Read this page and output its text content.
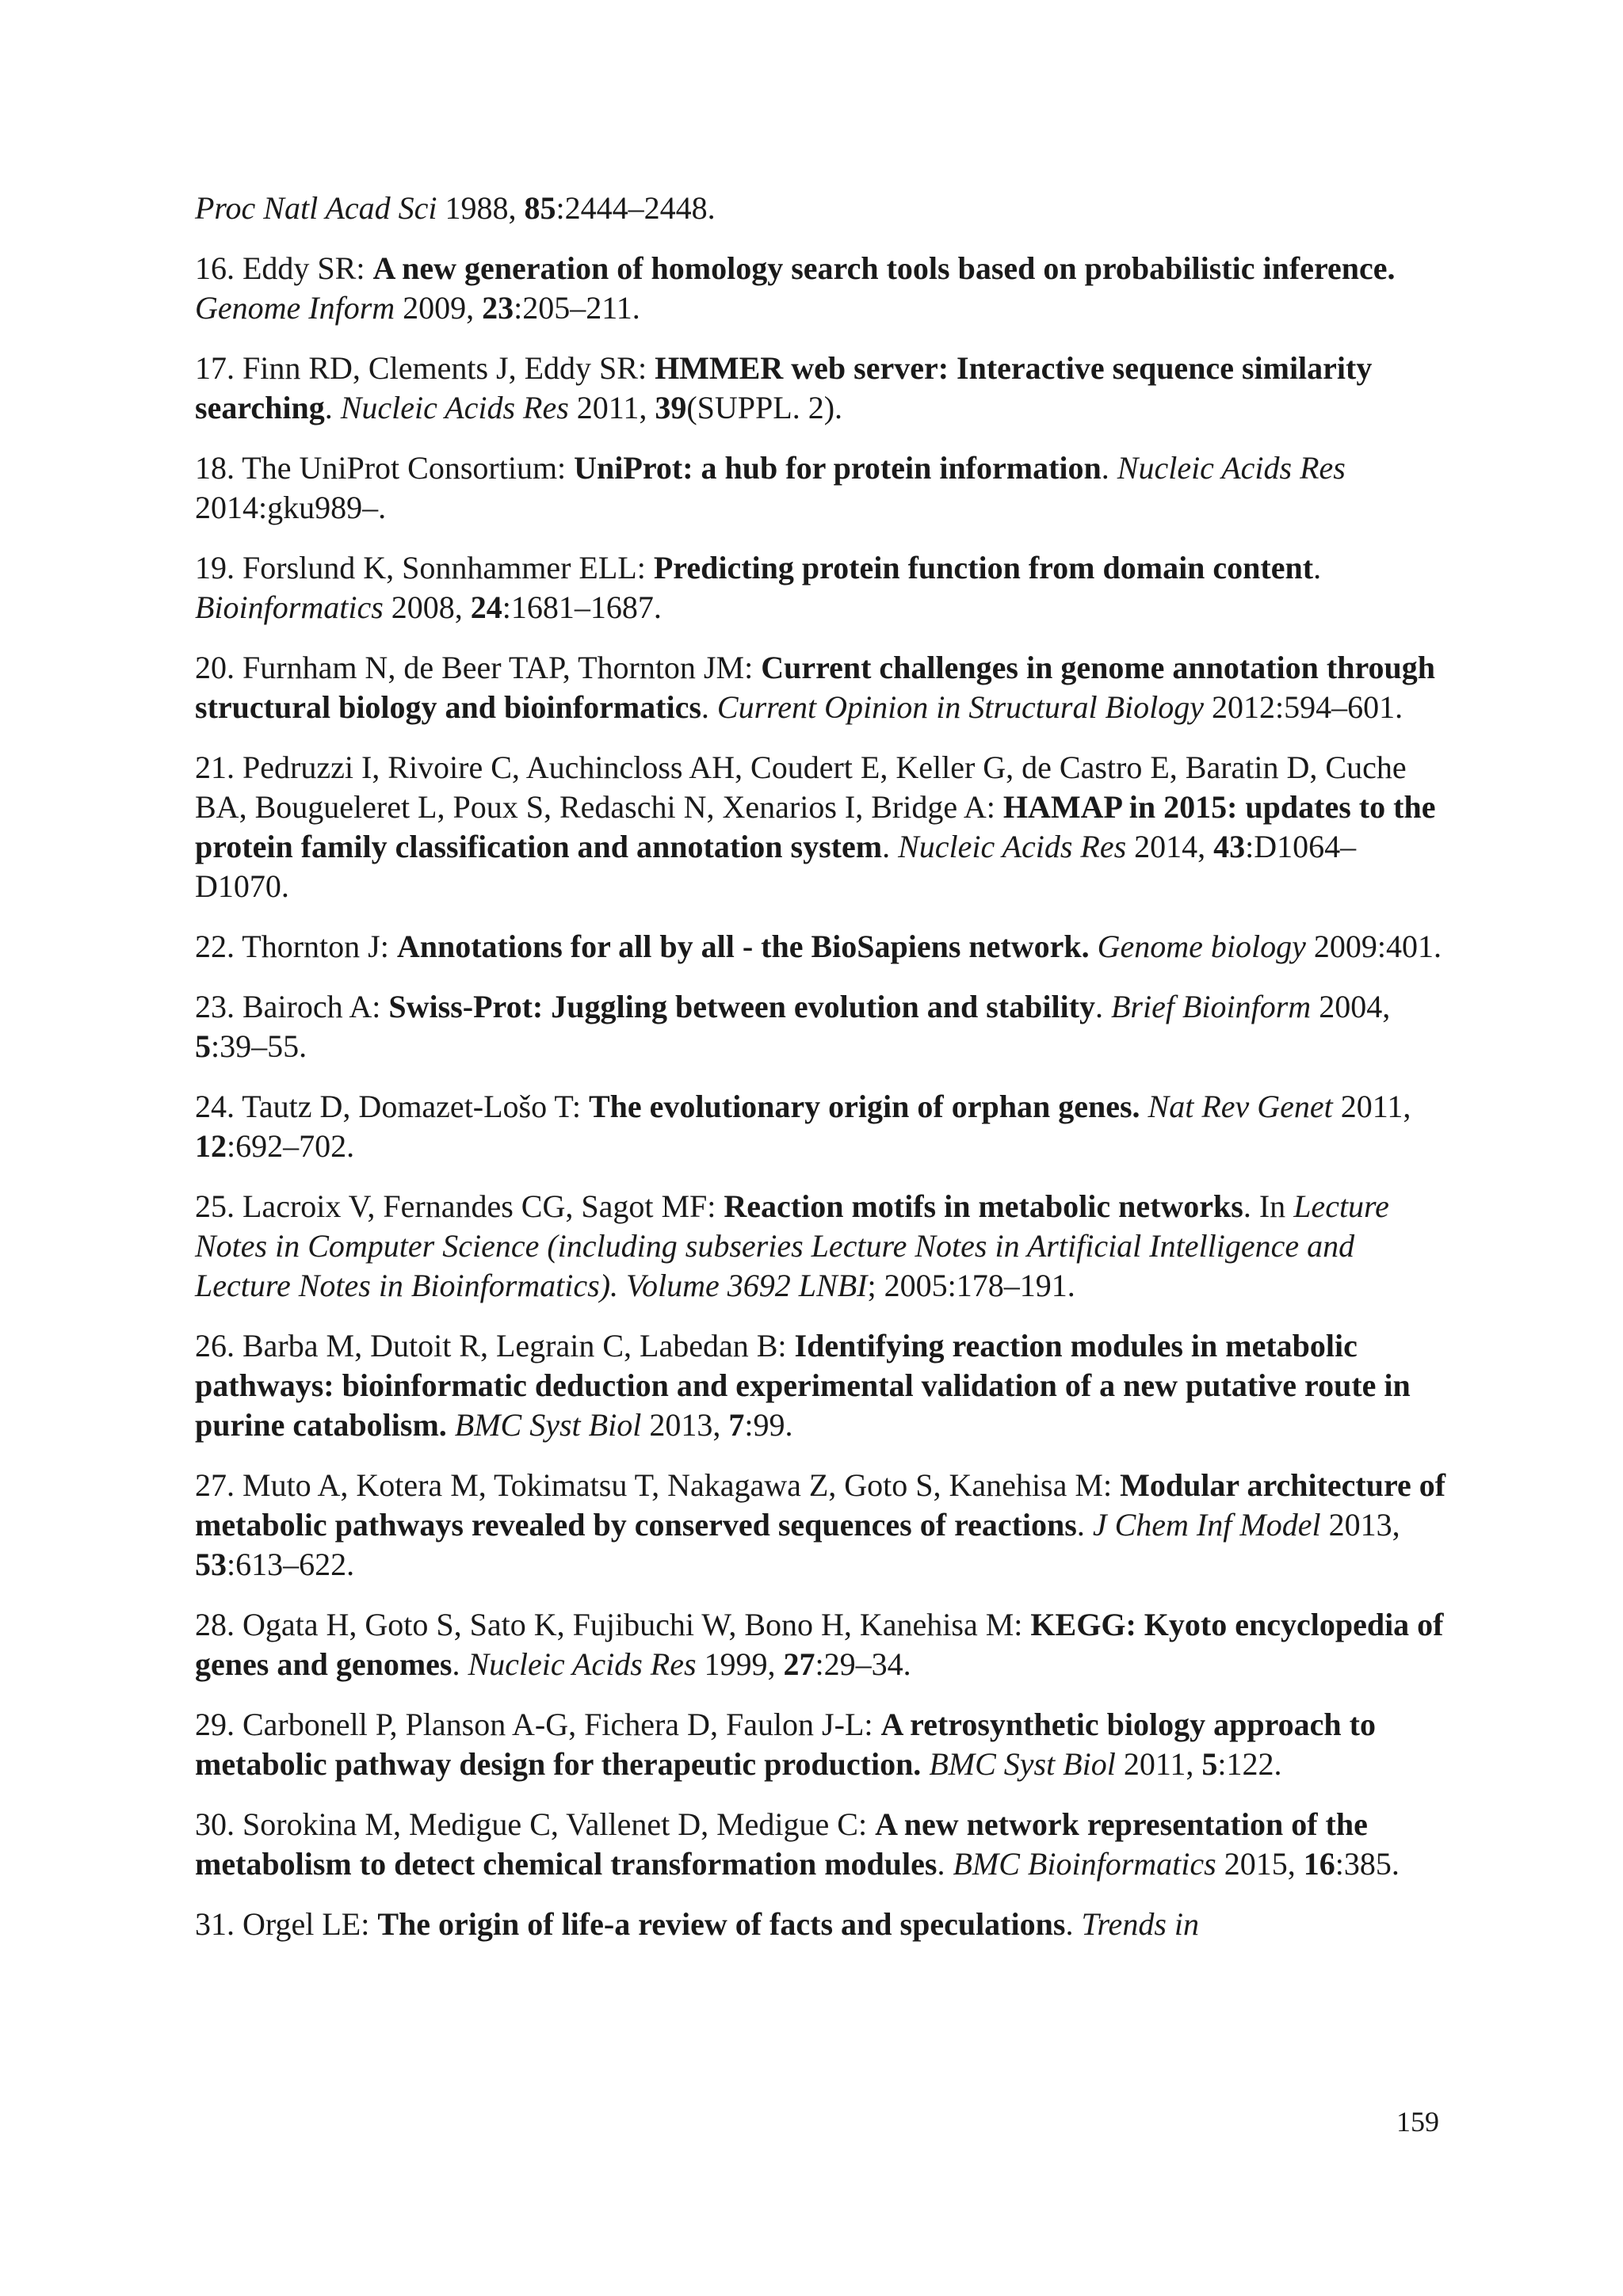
Proc Natl Acad Sci 1988, 85:2444–2448.

16. Eddy SR: A new generation of homology search tools based on probabilistic inference. Genome Inform 2009, 23:205–211.

17. Finn RD, Clements J, Eddy SR: HMMER web server: Interactive sequence similarity searching. Nucleic Acids Res 2011, 39(SUPPL. 2).

18. The UniProt Consortium: UniProt: a hub for protein information. Nucleic Acids Res 2014:gku989–.

19. Forslund K, Sonnhammer ELL: Predicting protein function from domain content. Bioinformatics 2008, 24:1681–1687.

20. Furnham N, de Beer TAP, Thornton JM: Current challenges in genome annotation through structural biology and bioinformatics. Current Opinion in Structural Biology 2012:594–601.

21. Pedruzzi I, Rivoire C, Auchincloss AH, Coudert E, Keller G, de Castro E, Baratin D, Cuche BA, Bougueleret L, Poux S, Redaschi N, Xenarios I, Bridge A: HAMAP in 2015: updates to the protein family classification and annotation system. Nucleic Acids Res 2014, 43:D1064–D1070.

22. Thornton J: Annotations for all by all - the BioSapiens network. Genome biology 2009:401.

23. Bairoch A: Swiss-Prot: Juggling between evolution and stability. Brief Bioinform 2004, 5:39–55.

24. Tautz D, Domazet-Lošo T: The evolutionary origin of orphan genes. Nat Rev Genet 2011, 12:692–702.

25. Lacroix V, Fernandes CG, Sagot MF: Reaction motifs in metabolic networks. In Lecture Notes in Computer Science (including subseries Lecture Notes in Artificial Intelligence and Lecture Notes in Bioinformatics). Volume 3692 LNBI; 2005:178–191.

26. Barba M, Dutoit R, Legrain C, Labedan B: Identifying reaction modules in metabolic pathways: bioinformatic deduction and experimental validation of a new putative route in purine catabolism. BMC Syst Biol 2013, 7:99.

27. Muto A, Kotera M, Tokimatsu T, Nakagawa Z, Goto S, Kanehisa M: Modular architecture of metabolic pathways revealed by conserved sequences of reactions. J Chem Inf Model 2013, 53:613–622.

28. Ogata H, Goto S, Sato K, Fujibuchi W, Bono H, Kanehisa M: KEGG: Kyoto encyclopedia of genes and genomes. Nucleic Acids Res 1999, 27:29–34.

29. Carbonell P, Planson A-G, Fichera D, Faulon J-L: A retrosynthetic biology approach to metabolic pathway design for therapeutic production. BMC Syst Biol 2011, 5:122.

30. Sorokina M, Medigue C, Vallenet D, Medigue C: A new network representation of the metabolism to detect chemical transformation modules. BMC Bioinformatics 2015, 16:385.

31. Orgel LE: The origin of life-a review of facts and speculations. Trends in

159
